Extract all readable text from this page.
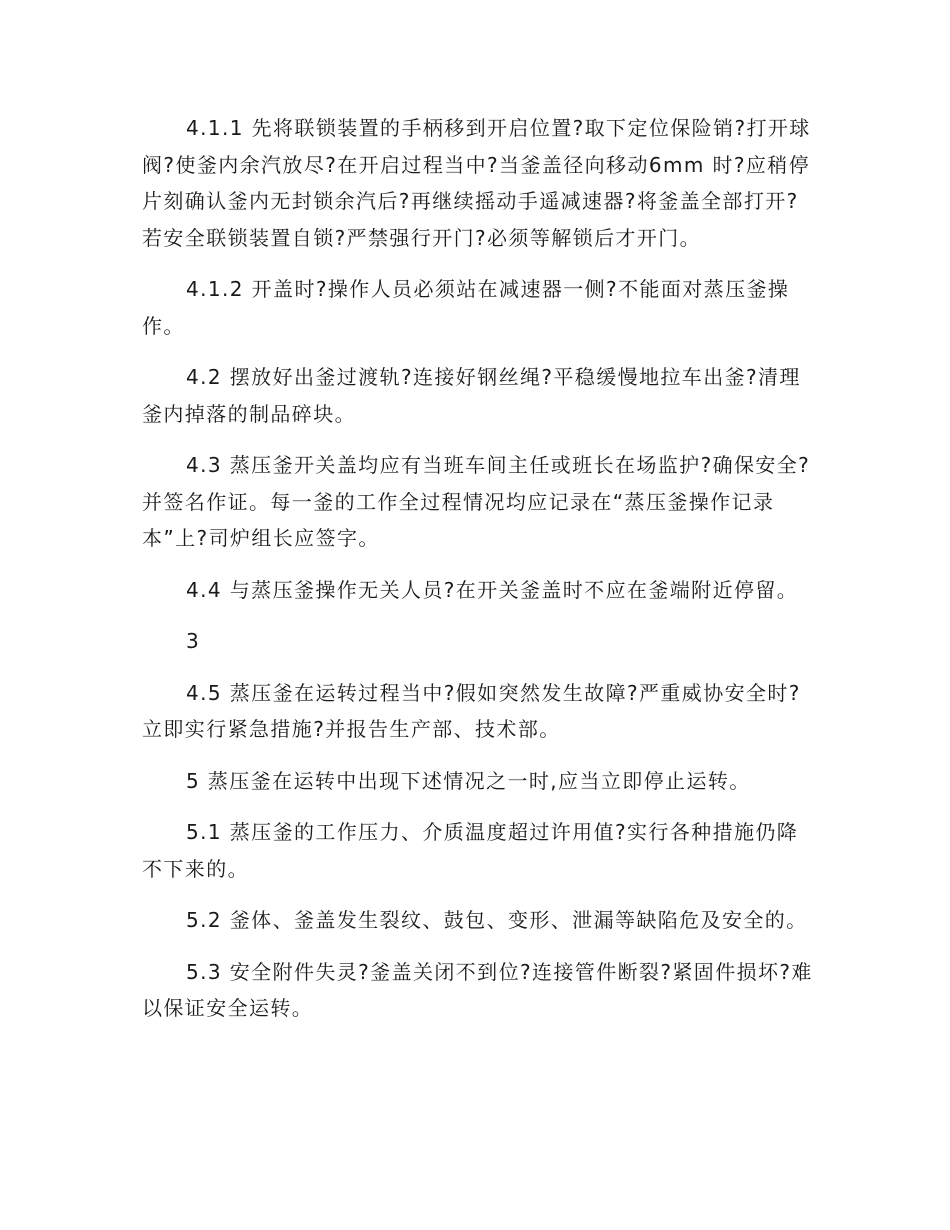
4.1.1 先将联锁装置的手柄移到开启位置?取下定位保险销?打开球阀?使釜内余汽放尽?在开启过程当中?当釜盖径向移动6mm 时?应稍停片刻确认釜内无封锁余汽后?再继续摇动手遥减速器?将釜盖全部打开?若安全联锁装置自锁?严禁强行开门?必须等解锁后才开门。

4.1.2 开盖时?操作人员必须站在减速器一侧?不能面对蒸压釜操作。

4.2 摆放好出釜过渡轨?连接好钢丝绳?平稳缓慢地拉车出釜?清理釜内掉落的制品碎块。

4.3 蒸压釜开关盖均应有当班车间主任或班长在场监护?确保安全?并签名作证。每一釜的工作全过程情况均应记录在“蒸压釜操作记录本”上?司炉组长应签字。

4.4 与蒸压釜操作无关人员?在开关釜盖时不应在釜端附近停留。

3

4.5 蒸压釜在运转过程当中?假如突然发生故障?严重威协安全时?立即实行紧急措施?并报告生产部、技术部。

5 蒸压釜在运转中出现下述情况之一时,应当立即停止运转。

5.1 蒸压釜的工作压力、介质温度超过许用值?实行各种措施仍降不下来的。

5.2 釜体、釜盖发生裂纹、鼓包、变形、泄漏等缺陷危及安全的。

5.3 安全附件失灵?釜盖关闭不到位?连接管件断裂?紧固件损坏?难以保证安全运转。
